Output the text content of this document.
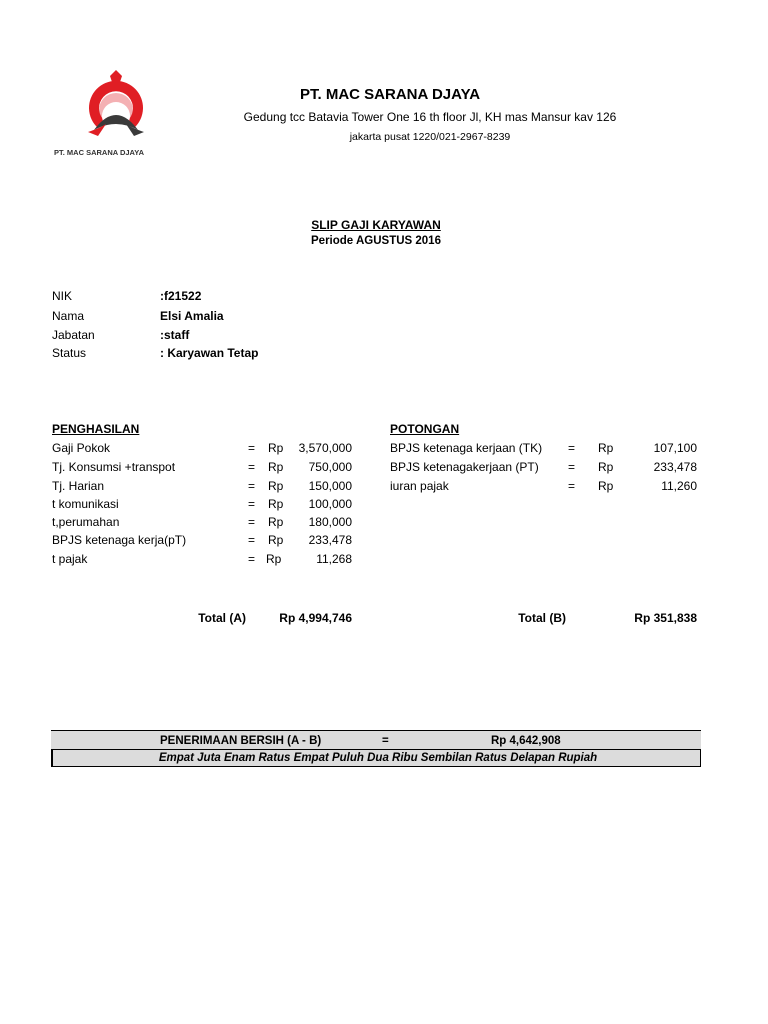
PT. MAC SARANA DJAYA
PT. MAC SARANA DJAYA
Gedung tcc Batavia Tower One 16 th floor Jl, KH mas Mansur kav 126
jakarta pusat 1220/021-2967-8239
SLIP GAJI KARYAWAN
Periode AGUSTUS 2016
NIK	:f21522
Nama	Elsi Amalia
Jabatan	:staff
Status	: Karyawan Tetap
PENGHASILAN
Gaji Pokok	= Rp	3,570,000
Tj. Konsumsi +transpot	= Rp	750,000
Tj. Harian	= Rp	150,000
t komunikasi	= Rp	100,000
t,perumahan	= Rp	180,000
BPJS ketenaga kerja(pT)	= Rp	233,478
t pajak	= Rp	11,268
Total (A)	Rp 4,994,746
POTONGAN
BPJS ketenaga kerjaan (TK) = Rp	107,100
BPJS ketenagakerjaan (PT) = Rp	233,478
iuran pajak	= Rp	11,260
Total (B)	Rp 351,838
PENERIMAAN BERSIH (A - B)	=	Rp 4,642,908
Empat Juta Enam Ratus Empat Puluh Dua Ribu Sembilan Ratus Delapan Rupiah
